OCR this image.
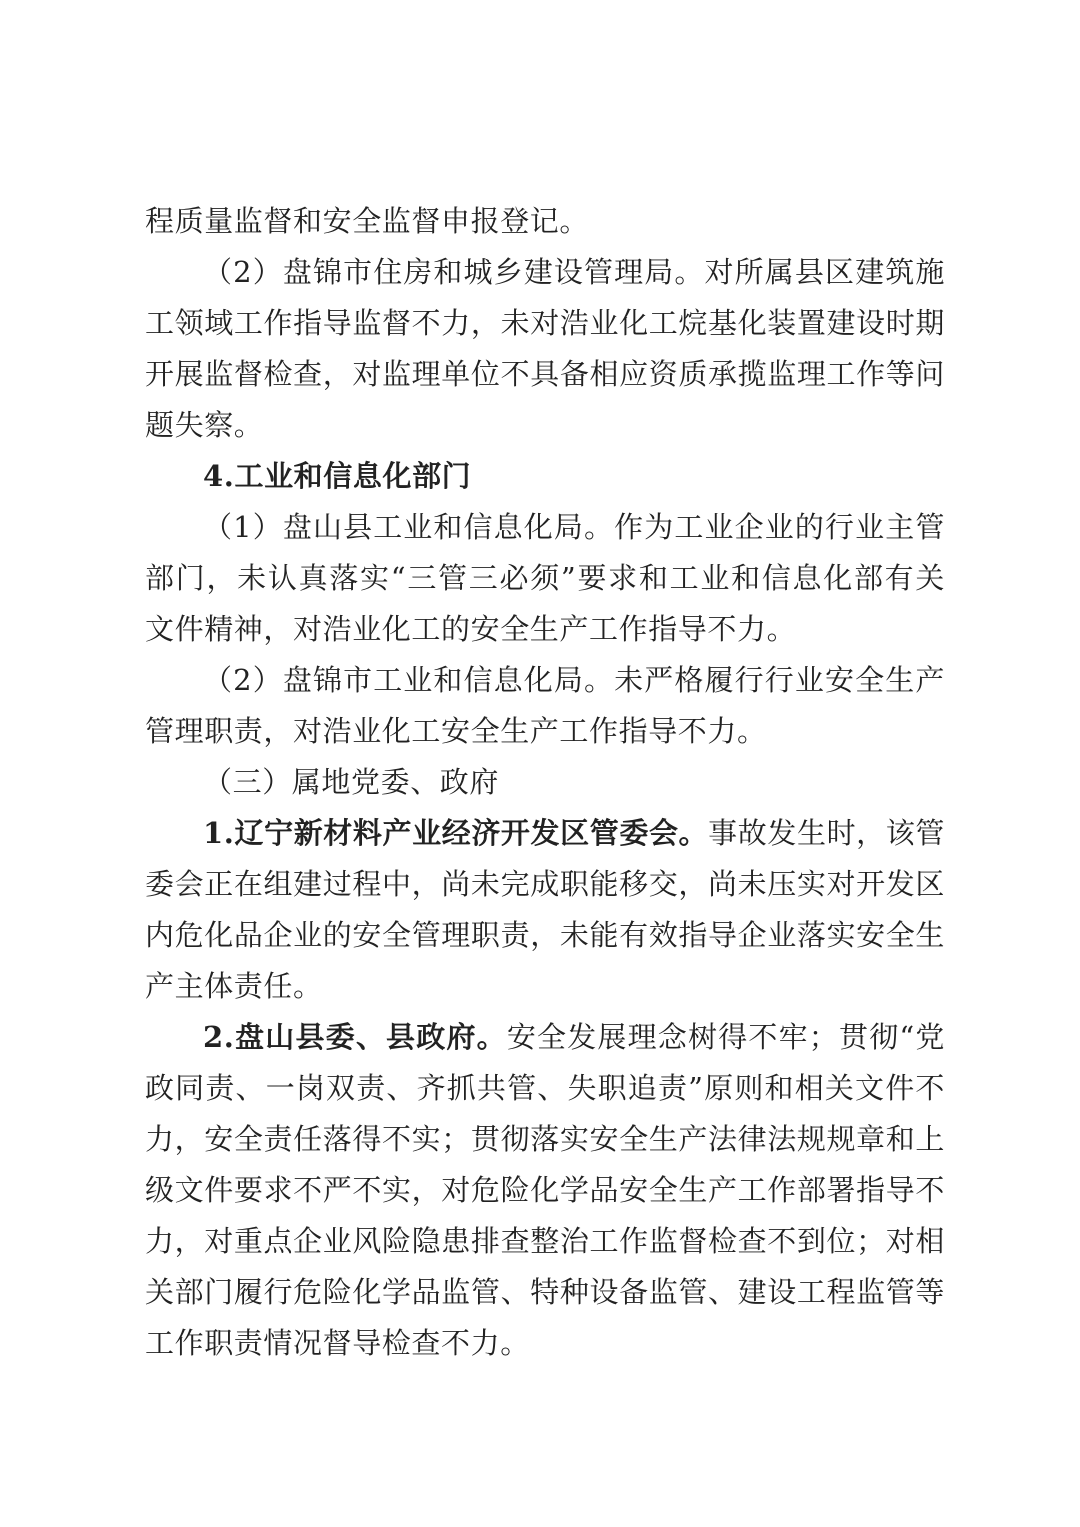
程质量监督和安全监督申报登记。

（2）盘锦市住房和城乡建设管理局。对所属县区建筑施工领域工作指导监督不力，未对浩业化工烷基化装置建设时期开展监督检查，对监理单位不具备相应资质承揽监理工作等问题失察。

4.工业和信息化部门

（1）盘山县工业和信息化局。作为工业企业的行业主管部门，未认真落实“三管三必须”要求和工业和信息化部有关文件精神，对浩业化工的安全生产工作指导不力。

（2）盘锦市工业和信息化局。未严格履行行业安全生产管理职责，对浩业化工安全生产工作指导不力。

（三）属地党委、政府

1.辽宁新材料产业经济开发区管委会。事故发生时，该管委会正在组建过程中，尚未完成职能移交，尚未压实对开发区内危化品企业的安全管理职责，未能有效指导企业落实安全生产主体责任。

2.盘山县委、县政府。安全发展理念树得不牢；贯彻“党政同责、一岗双责、齐抓共管、失职追责”原则和相关文件不力，安全责任落得不实；贯彻落实安全生产法律法规规章和上级文件要求不严不实，对危险化学品安全生产工作部署指导不力，对重点企业风险隐患排查整治工作监督检查不到位；对相关部门履行危险化学品监管、特种设备监管、建设工程监管等工作职责情况督导检查不力。
